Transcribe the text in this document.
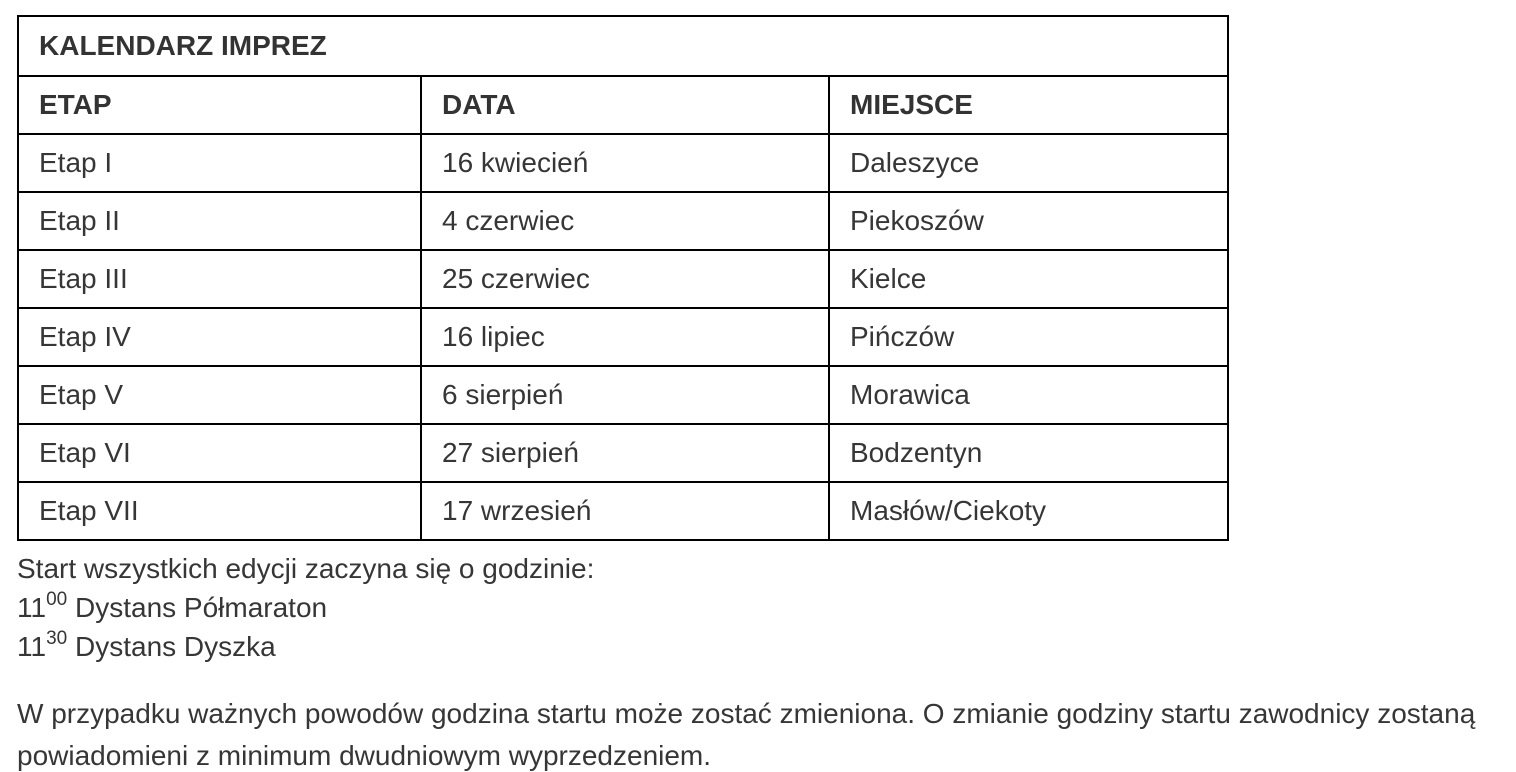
KALENDARZ IMPREZ		
ETAP	DATA	MIEJSCE
Etap I	16 kwiecień	Daleszyce
Etap II	4 czerwiec	Piekoszów
Etap III	25 czerwiec	Kielce
Etap IV	16 lipiec	Pińczów
Etap V	6 sierpień	Morawica
Etap VI	27 sierpień	Bodzentyn
Etap VII	17 wrzesień	Masłów/Ciekoty
Start wszystkich edycji zaczyna się o godzinie:
$11^{00}$ Dystans Półmaraton
$11^{30}$ Dystans Dyszka

W przypadku ważnych powodów godzina startu może zostać zmieniona. O zmianie godziny startu zawodnicy zostaną powiadomieni z minimum dwudniowym wyprzedzeniem.
